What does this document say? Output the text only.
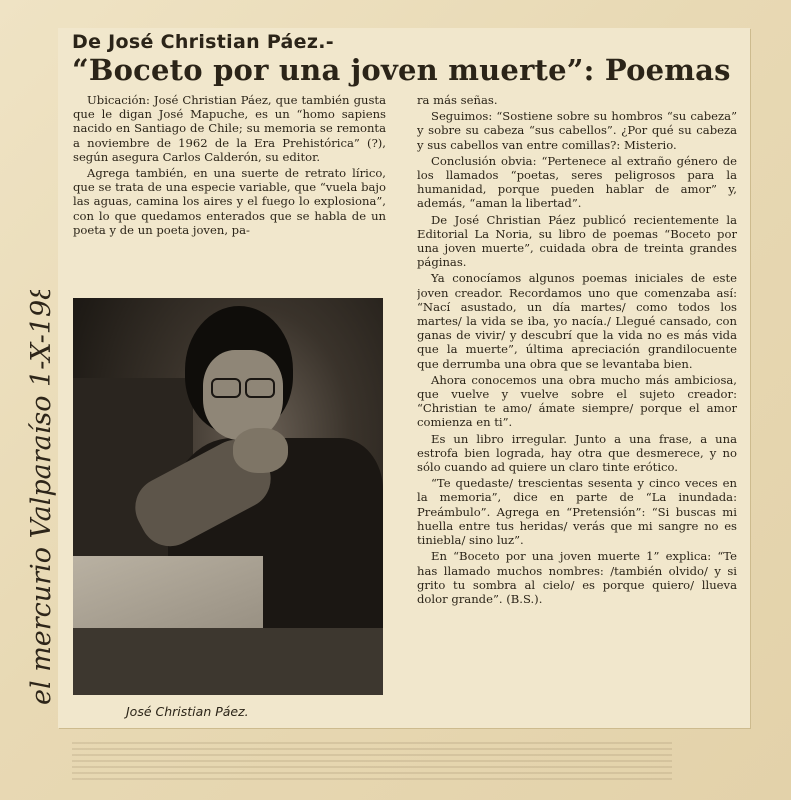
De José Christian Páez.-
“Boceto por una joven muerte”: Poemas

Ubicación: José Christian Páez, que también gusta que le digan José Mapuche, es un “homo sapiens nacido en Santiago de Chile; su memoria se remonta a noviembre de 1962 de la Era Prehistórica” (?), según asegura Carlos Calderón, su editor.

Agrega también, en una suerte de retrato lírico, que se trata de una especie variable, que “vuela bajo las aguas, camina los aires y el fuego lo explosiona”, con lo que quedamos enterados que se habla de un poeta y de un poeta joven, pa-

José Christian Páez.

ra más señas.

Seguimos: “Sostiene sobre su hombros “su cabeza” y sobre su cabeza “sus cabellos”. ¿Por qué su cabeza y sus cabellos van entre comillas?: Misterio.

Conclusión obvia: “Pertenece al extraño género de los llamados “poetas, seres peligrosos para la humanidad, porque pueden hablar de amor” y, además, “aman la libertad”.

De José Christian Páez publicó recientemente la Editorial La Noria, su libro de poemas “Boceto por una joven muerte”, cuidada obra de treinta grandes páginas.

Ya conocíamos algunos poemas iniciales de este joven creador. Recordamos uno que comenzaba así: “Nací asustado, un día martes/ como todos los martes/ la vida se iba, yo nacía./ Llegué cansado, con ganas de vivir/ y descubrí que la vida no es más vida que la muerte”, última apreciación grandilocuente que derrumba una obra que se levantaba bien.

Ahora conocemos una obra mucho más ambiciosa, que vuelve y vuelve sobre el sujeto creador: “Christian te amo/ ámate siempre/ porque el amor comienza en ti”.

Es un libro irregular. Junto a una frase, a una estrofa bien lograda, hay otra que desmerece, y no sólo cuando ad quiere un claro tinte erótico.

“Te quedaste/ trescientas sesenta y cinco veces en la memoria”, dice en parte de “La inundada: Preámbulo”. Agrega en “Pretensión”: “Si buscas mi huella entre tus heridas/ verás que mi sangre no es tiniebla/ sino luz”.

En “Boceto por una joven muerte 1” explica: “Te has llamado muchos nombres: /también olvido/ y si grito tu sombra al cielo/ es porque quiero/ llueva dolor grande”. (B.S.).

el mercurio Valparaíso 1-X-1986 p. 8
